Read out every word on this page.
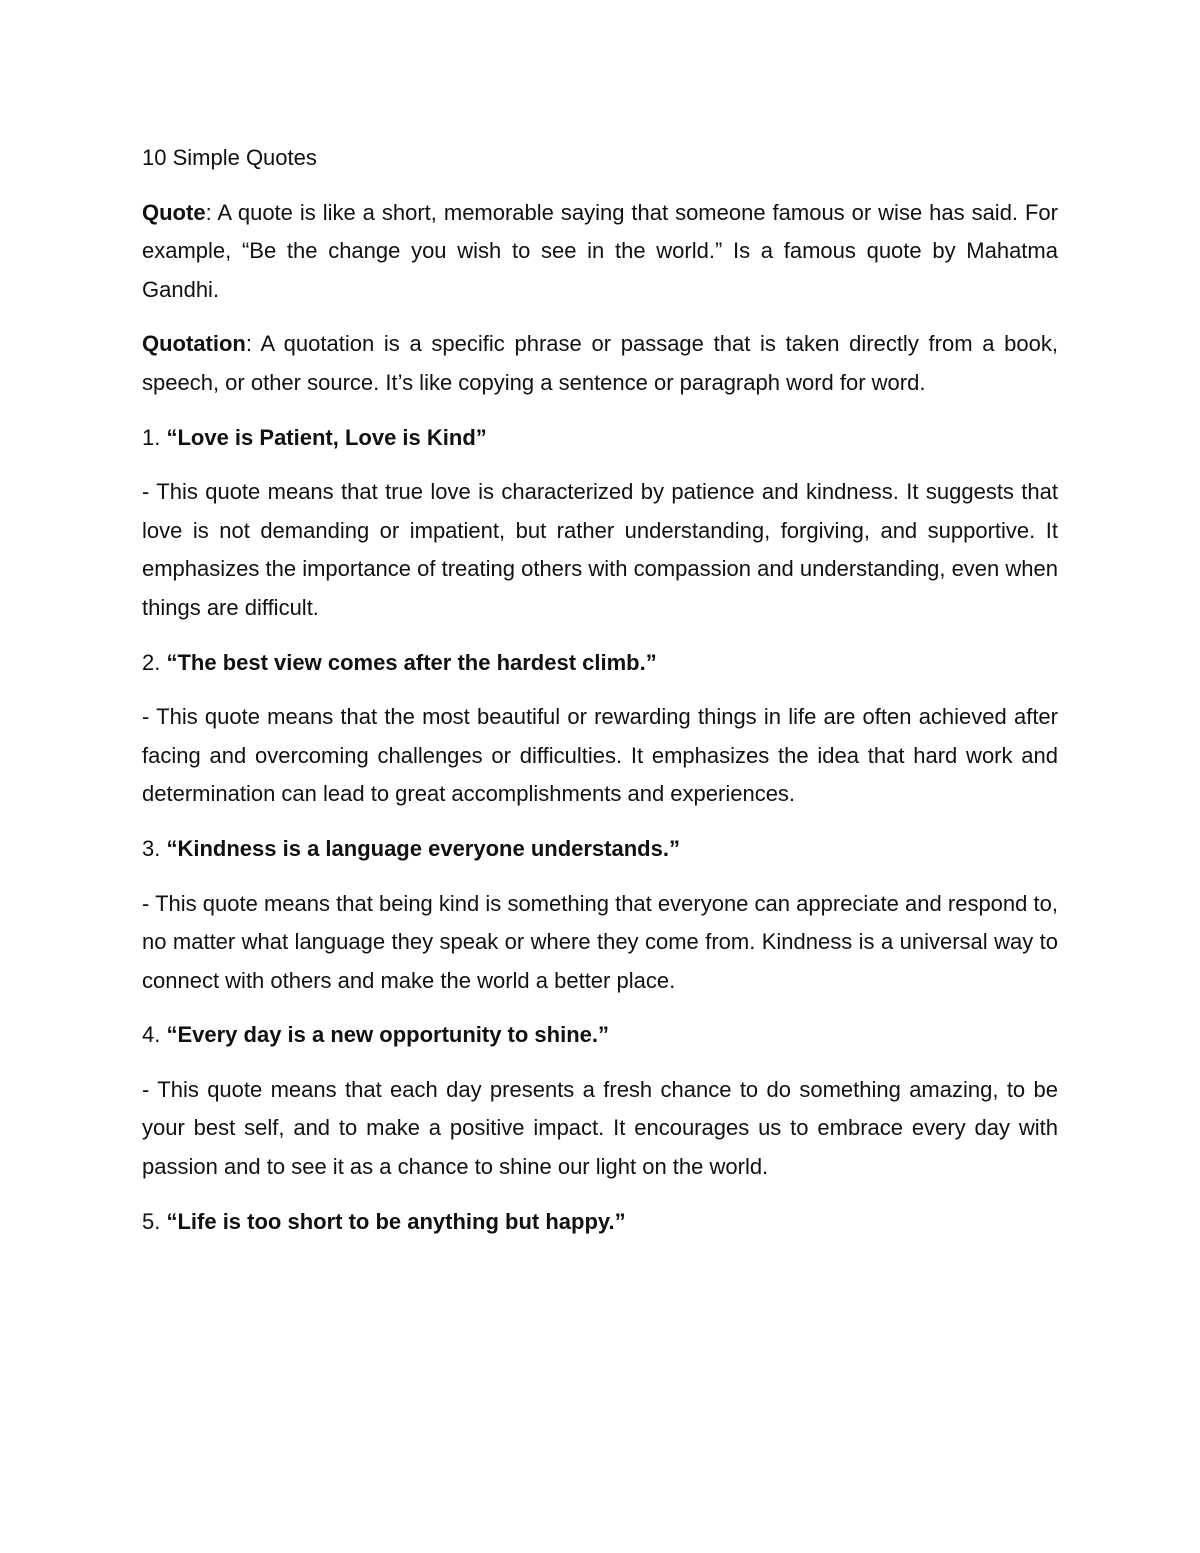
10 Simple Quotes

Quote: A quote is like a short, memorable saying that someone famous or wise has said. For example, “Be the change you wish to see in the world.” Is a famous quote by Mahatma Gandhi.

Quotation: A quotation is a specific phrase or passage that is taken directly from a book, speech, or other source. It’s like copying a sentence or paragraph word for word.

1. “Love is Patient, Love is Kind”

- This quote means that true love is characterized by patience and kindness. It suggests that love is not demanding or impatient, but rather understanding, forgiving, and supportive. It emphasizes the importance of treating others with compassion and understanding, even when things are difficult.

2. “The best view comes after the hardest climb.”

- This quote means that the most beautiful or rewarding things in life are often achieved after facing and overcoming challenges or difficulties. It emphasizes the idea that hard work and determination can lead to great accomplishments and experiences.

3. “Kindness is a language everyone understands.”

- This quote means that being kind is something that everyone can appreciate and respond to, no matter what language they speak or where they come from. Kindness is a universal way to connect with others and make the world a better place.

4. “Every day is a new opportunity to shine.”

- This quote means that each day presents a fresh chance to do something amazing, to be your best self, and to make a positive impact. It encourages us to embrace every day with passion and to see it as a chance to shine our light on the world.

5. “Life is too short to be anything but happy.”
